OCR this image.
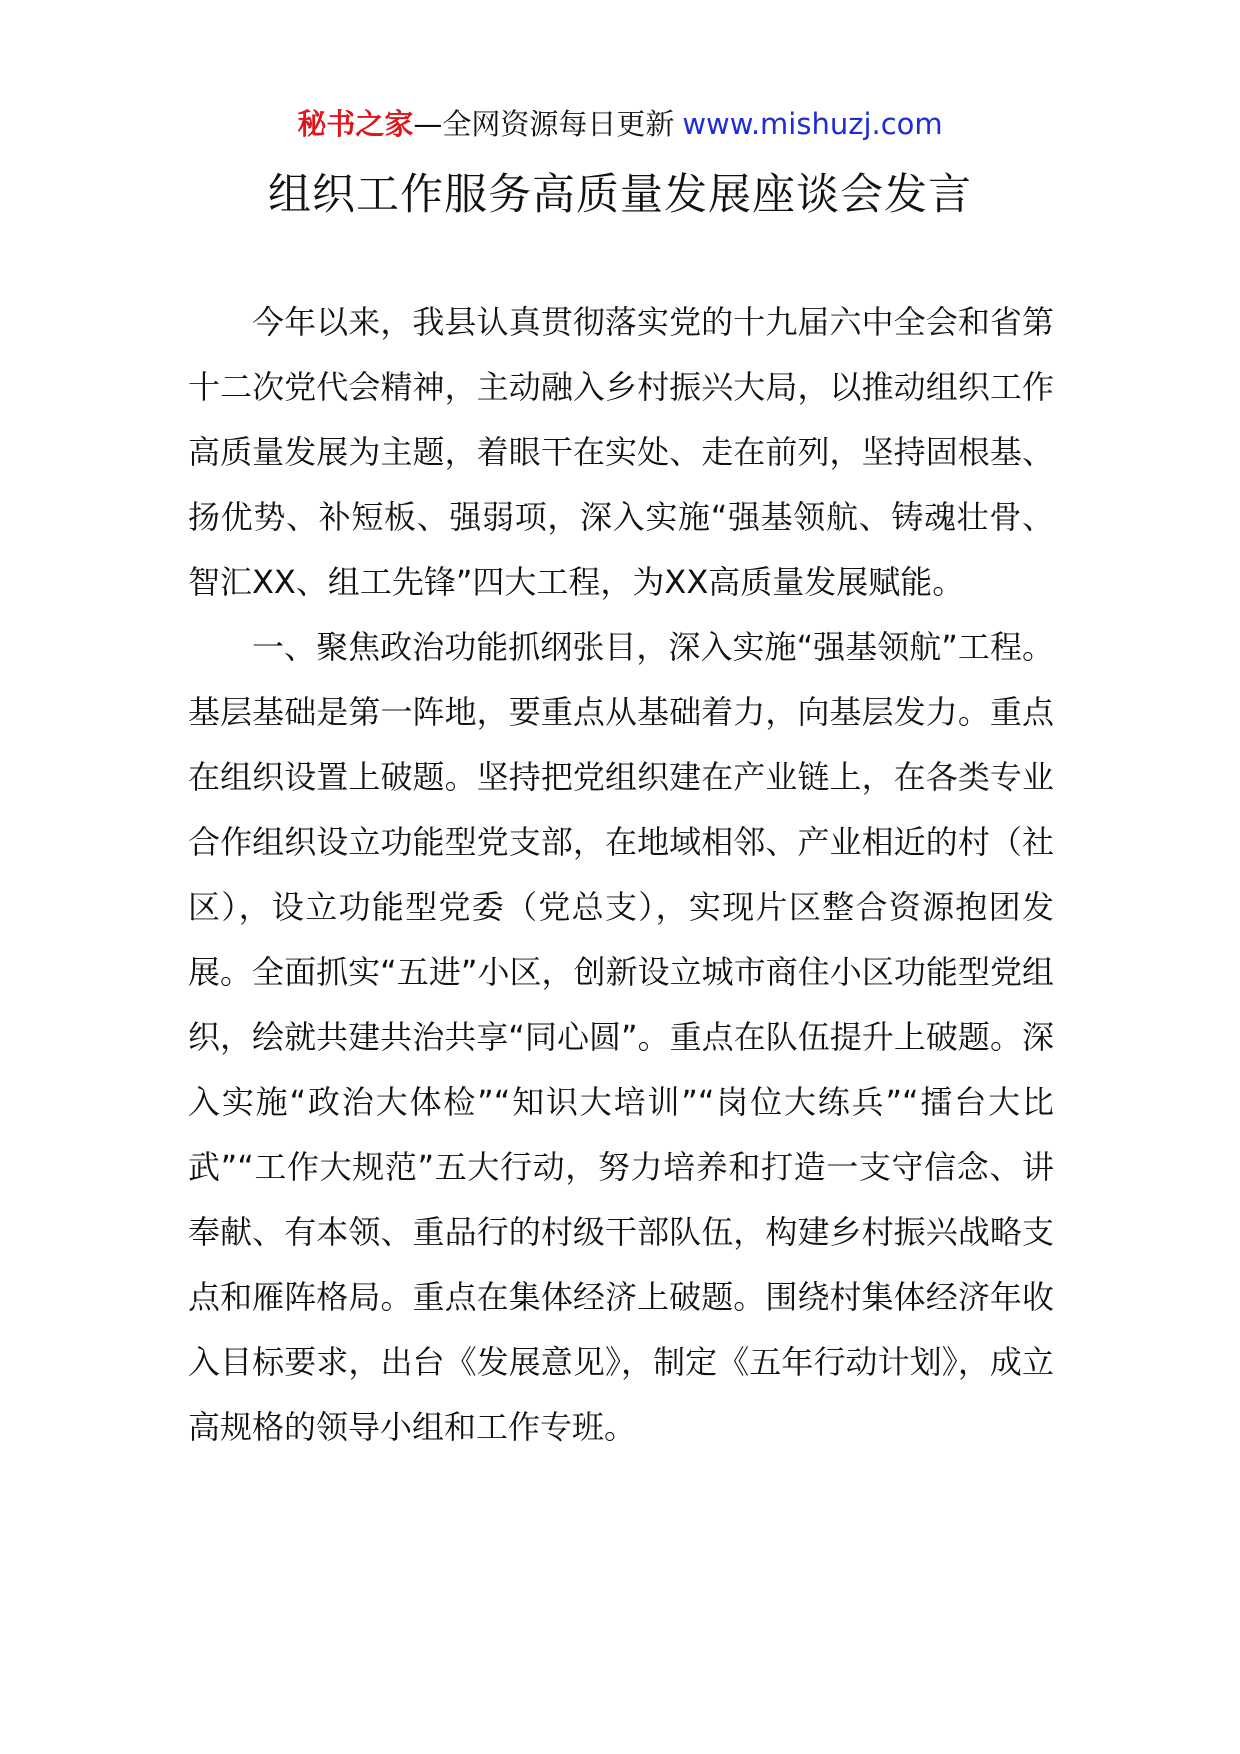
秘书之家—全网资源每日更新 www.mishuzj.com
组织工作服务高质量发展座谈会发言

今年以来，我县认真贯彻落实党的十九届六中全会和省第十二次党代会精神，主动融入乡村振兴大局，以推动组织工作高质量发展为主题，着眼干在实处、走在前列，坚持固根基、扬优势、补短板、强弱项，深入实施“强基领航、铸魂壮骨、智汇XX、组工先锋”四大工程，为XX高质量发展赋能。

一、聚焦政治功能抓纲张目，深入实施“强基领航”工程。基层基础是第一阵地，要重点从基础着力，向基层发力。重点在组织设置上破题。坚持把党组织建在产业链上，在各类专业合作组织设立功能型党支部，在地域相邻、产业相近的村（社区），设立功能型党委（党总支），实现片区整合资源抱团发展。全面抓实“五进”小区，创新设立城市商住小区功能型党组织，绘就共建共治共享“同心圆”。重点在队伍提升上破题。深入实施“政治大体检”“知识大培训”“岗位大练兵”“擂台大比武”“工作大规范”五大行动，努力培养和打造一支守信念、讲奉献、有本领、重品行的村级干部队伍，构建乡村振兴战略支点和雁阵格局。重点在集体经济上破题。围绕村集体经济年收入目标要求，出台《发展意见》，制定《五年行动计划》，成立高规格的领导小组和工作专班。
